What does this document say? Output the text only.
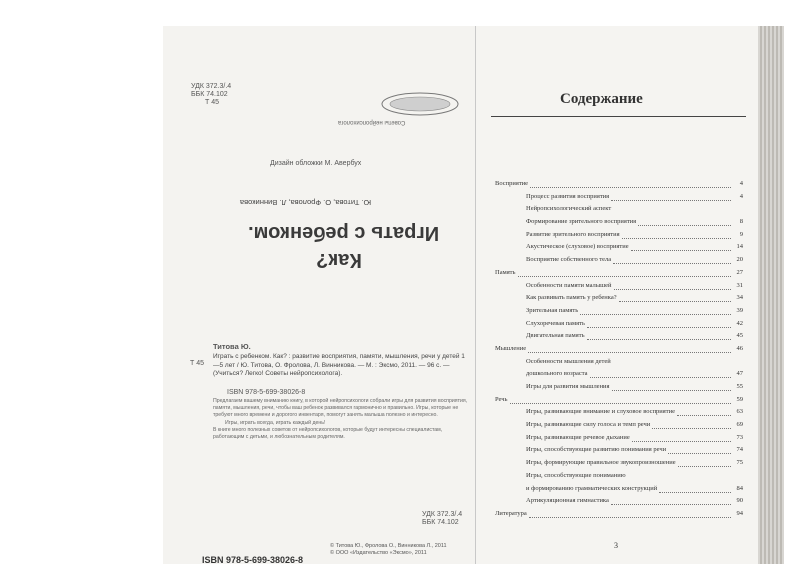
УДК 372.3/.4
ББК 74.102
Т 45
Советы нейропсихолога
Дизайн обложки М. Авербух
Ю. Титова, О. Фролова, Л. Винникова
Играть с ребенком.
Как?
Т 45
Титова Ю.
Играть с ребенком. Как? : развитие восприятия, памяти, мышления, речи у детей 1—5 лет / Ю. Титова, О. Фролова, Л. Винникова. — М. : Эксмо, 2011. — 96 с. — (Учиться? Легко! Советы нейропсихолога).
ISBN 978-5-699-38026-8
Предлагаем вашему вниманию книгу, в которой нейропсихологи собрали игры для развития восприятия, памяти, мышления, речи, чтобы ваш ребенок развивался гармонично и правильно. Игры, которые не требуют много времени и дорогого инвентаря, помогут занять малыша полезно и интересно.
Игры, играть всегда, играть каждый день!
В книге много полезных советов от нейропсихологов, которые будут интересны специалистам, работающим с детьми, и любознательным родителям.
УДК 372.3/.4
ББК 74.102
ISBN 978-5-699-38026-8
© Титова Ю., Фролова О., Винникова Л., 2011
© ООО «Издательство «Эксмо», 2011
Содержание
Восприятие	4
Процесс развития восприятия	4
Нейропсихологический аспект
Формирование зрительного восприятия	8
Развитие зрительного восприятия	9
Акустическое (слуховое) восприятие	14
Восприятие собственного тела	20
Память	27
Особенности памяти малышей	31
Как развивать память у ребенка?	34
Зрительная память	39
Слухоречевая память	42
Двигательная память	45
Мышление	46
Особенности мышления детей
дошкольного возраста	47
Игры для развития мышления	55
Речь	59
Игры, развивающие внимание и слуховое восприятие	63
Игры, развивающие силу голоса и темп речи	69
Игры, развивающие речевое дыхание	73
Игры, способствующие развитию понимания речи	74
Игры, формирующие правильное звукопроизношение	75
Игры, способствующие пониманию
и формированию грамматических конструкций	84
Артикуляционная гимнастика	90
Литература	94
3
